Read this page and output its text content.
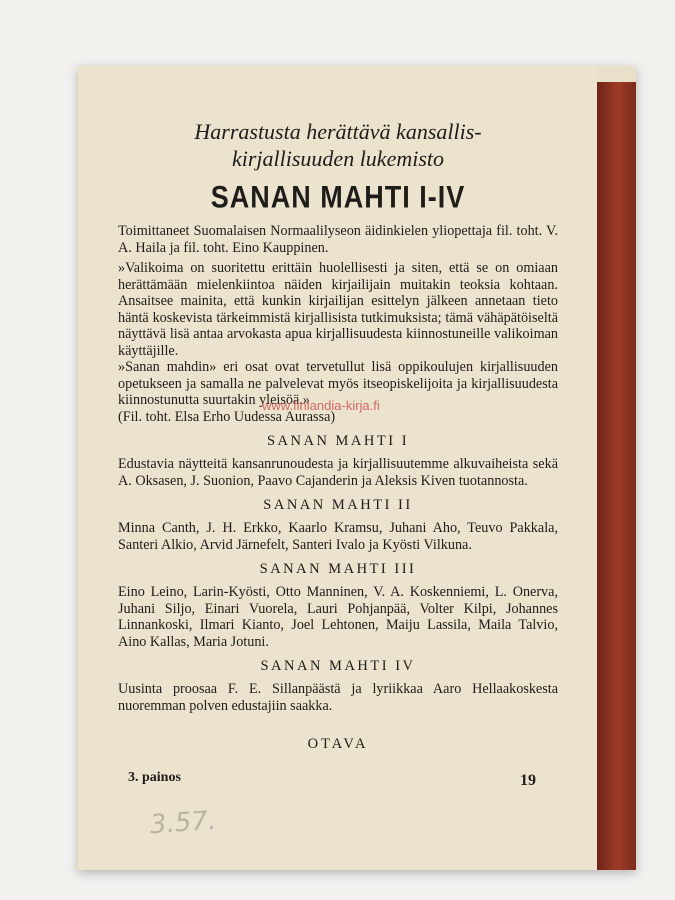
Harrastusta herättävä kansallis-

kirjallisuuden lukemisto

SANAN MAHTI I-IV

Toimittaneet Suomalaisen Normaalilyseon äidinkielen yliopettaja fil. toht. V. A. Haila ja fil. toht. Eino Kauppinen.

»Valikoima on suoritettu erittäin huolellisesti ja siten, että se on omiaan herättämään mielenkiintoa näiden kirjailijain muitakin teoksia kohtaan. Ansaitsee mainita, että kunkin kirjailijan esittelyn jälkeen annetaan tieto häntä koskevista tärkeimmistä kirjallisista tutkimuksista; tämä vähäpätöiseltä näyttävä lisä antaa arvokasta apua kirjallisuudesta kiinnostuneille valikoiman käyttäjille.

»Sanan mahdin» eri osat ovat tervetullut lisä oppikoulujen kirjallisuuden opetukseen ja samalla ne palvelevat myös itseopiskelijoita ja kirjallisuudesta kiinnostunutta suurtakin yleisöä.»

(Fil. toht. Elsa Erho Uudessa Aurassa)

SANAN MAHTI I

Edustavia näytteitä kansanrunoudesta ja kirjallisuutemme alkuvaiheista sekä A. Oksasen, J. Suonion, Paavo Cajanderin ja Aleksis Kiven tuotannosta.

SANAN MAHTI II

Minna Canth, J. H. Erkko, Kaarlo Kramsu, Juhani Aho, Teuvo Pakkala, Santeri Alkio, Arvid Järnefelt, Santeri Ivalo ja Kyösti Vilkuna.

SANAN MAHTI III

Eino Leino, Larin-Kyösti, Otto Manninen, V. A. Koskenniemi, L. Onerva, Juhani Siljo, Einari Vuorela, Lauri Pohjanpää, Volter Kilpi, Johannes Linnankoski, Ilmari Kianto, Joel Lehtonen, Maiju Lassila, Maila Talvio, Aino Kallas, Maria Jotuni.

SANAN MAHTI IV

Uusinta proosaa F. E. Sillanpäästä ja lyriikkaa Aaro Hellaakoskesta nuoremman polven edustajiin saakka.

OTAVA
www.finlandia-kirja.fi
3. painos	19
3.57.
